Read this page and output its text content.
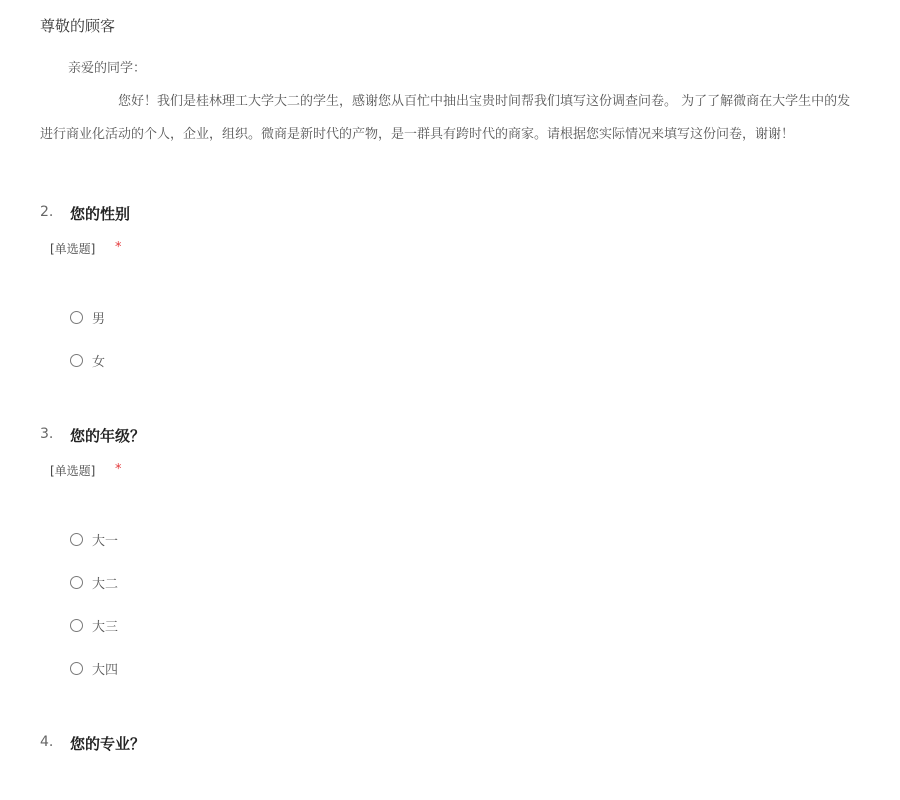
尊敬的顾客
亲爱的同学：
您好！我们是桂林理工大学大二的学生，感谢您从百忙中抽出宝贵时间帮我们填写这份调查问卷。 为了了解微商在大学生中的发
进行商业化活动的个人，企业，组织。微商是新时代的产物，是一群具有跨时代的商家。请根据您实际情况来填写这份问卷，谢谢！
2. 您的性别
[单选题] *
男
女
3. 您的年级？
[单选题] *
大一
大二
大三
大四
4. 您的专业？
